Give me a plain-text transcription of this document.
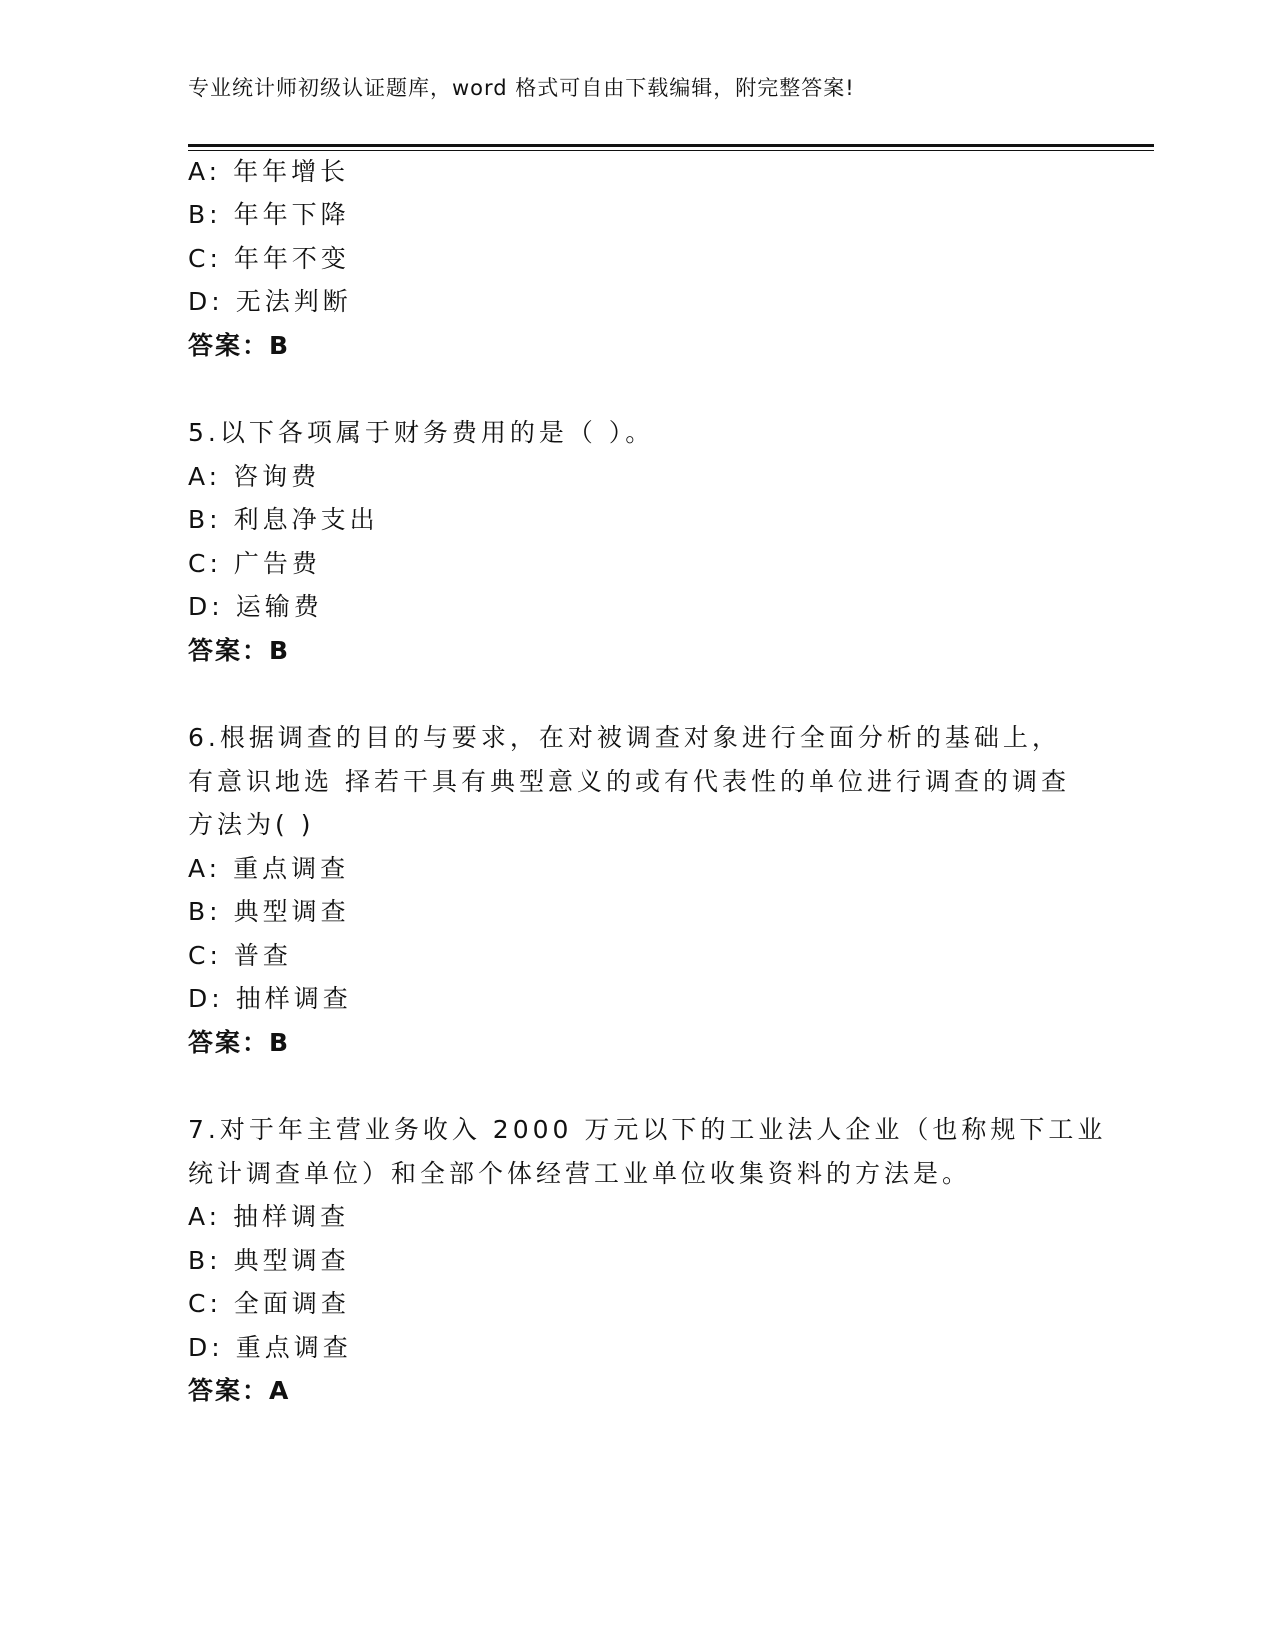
专业统计师初级认证题库，word 格式可自由下载编辑，附完整答案!
A: 年年增长
B: 年年下降
C: 年年不变
D: 无法判断
答案：B
5.以下各项属于财务费用的是（ ）。
A: 咨询费
B: 利息净支出
C: 广告费
D: 运输费
答案：B
6.根据调查的目的与要求，在对被调查对象进行全面分析的基础上，
有意识地选 择若干具有典型意义的或有代表性的单位进行调查的调查
方法为( )
A: 重点调查
B: 典型调查
C: 普查
D: 抽样调查
答案：B
7.对于年主营业务收入 2000 万元以下的工业法人企业（也称规下工业
统计调查单位）和全部个体经营工业单位收集资料的方法是。
A: 抽样调查
B: 典型调查
C: 全面调查
D: 重点调查
答案：A
